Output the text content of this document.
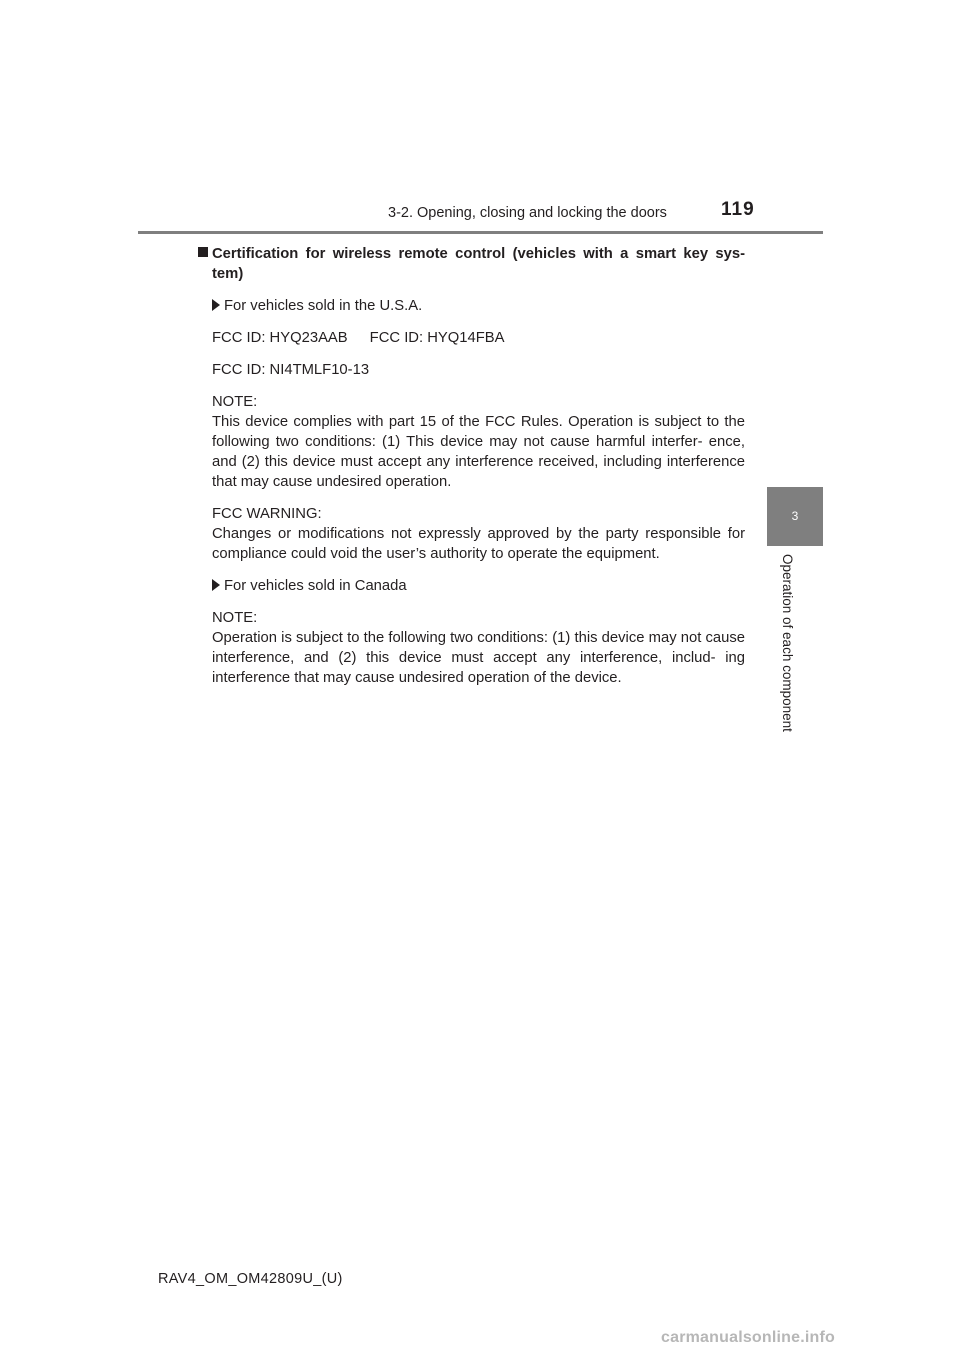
3-2. Opening, closing and locking the doors	119
3
Operation of each component
Certification for wireless remote control (vehicles with a smart key sys- tem)
For vehicles sold in the U.S.A.
FCC ID: HYQ23AAB FCC ID: HYQ14FBA
FCC ID: NI4TMLF10-13
NOTE:
This device complies with part 15 of the FCC Rules. Operation is subject to the following two conditions: (1) This device may not cause harmful interfer- ence, and (2) this device must accept any interference received, including interference that may cause undesired operation.
FCC WARNING:
Changes or modifications not expressly approved by the party responsible for compliance could void the user’s authority to operate the equipment.
For vehicles sold in Canada
NOTE:
Operation is subject to the following two conditions: (1) this device may not cause interference, and (2) this device must accept any interference, includ- ing interference that may cause undesired operation of the device.
RAV4_OM_OM42809U_(U)
carmanualsonline.info
